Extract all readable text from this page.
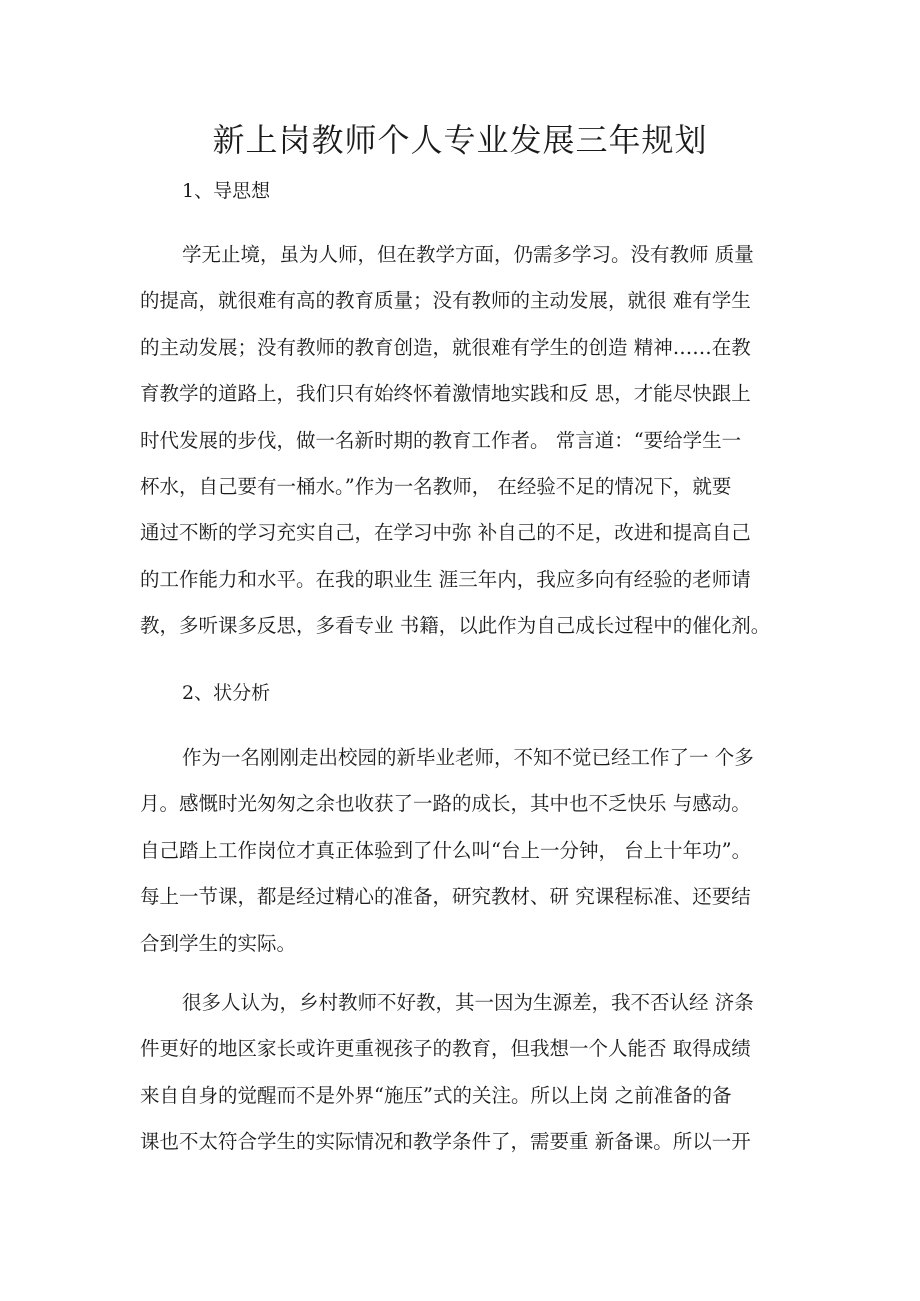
新上岗教师个人专业发展三年规划
1、导思想
学无止境，虽为人师，但在教学方面，仍需多学习。没有教师 质量
的提高，就很难有高的教育质量；没有教师的主动发展，就很 难有学生
的主动发展；没有教师的教育创造，就很难有学生的创造 精神……在教
育教学的道路上，我们只有始终怀着激情地实践和反 思，才能尽快跟上
时代发展的步伐，做一名新时期的教育工作者。 常言道：“要给学生一
杯水，自己要有一桶水。”作为一名教师， 在经验不足的情况下，就要
通过不断的学习充实自己，在学习中弥 补自己的不足，改进和提高自己
的工作能力和水平。在我的职业生 涯三年内，我应多向有经验的老师请
教，多听课多反思，多看专业 书籍，以此作为自己成长过程中的催化剂。
2、状分析
作为一名刚刚走出校园的新毕业老师，不知不觉已经工作了一 个多
月。感慨时光匆匆之余也收获了一路的成长，其中也不乏快乐 与感动。
自己踏上工作岗位才真正体验到了什么叫“台上一分钟， 台上十年功”。
每上一节课，都是经过精心的准备，研究教材、研 究课程标准、还要结
合到学生的实际。
很多人认为，乡村教师不好教，其一因为生源差，我不否认经 济条
件更好的地区家长或许更重视孩子的教育，但我想一个人能否 取得成绩
来自自身的觉醒而不是外界“施压”式的关注。所以上岗 之前准备的备
课也不太符合学生的实际情况和教学条件了，需要重 新备课。所以一开
